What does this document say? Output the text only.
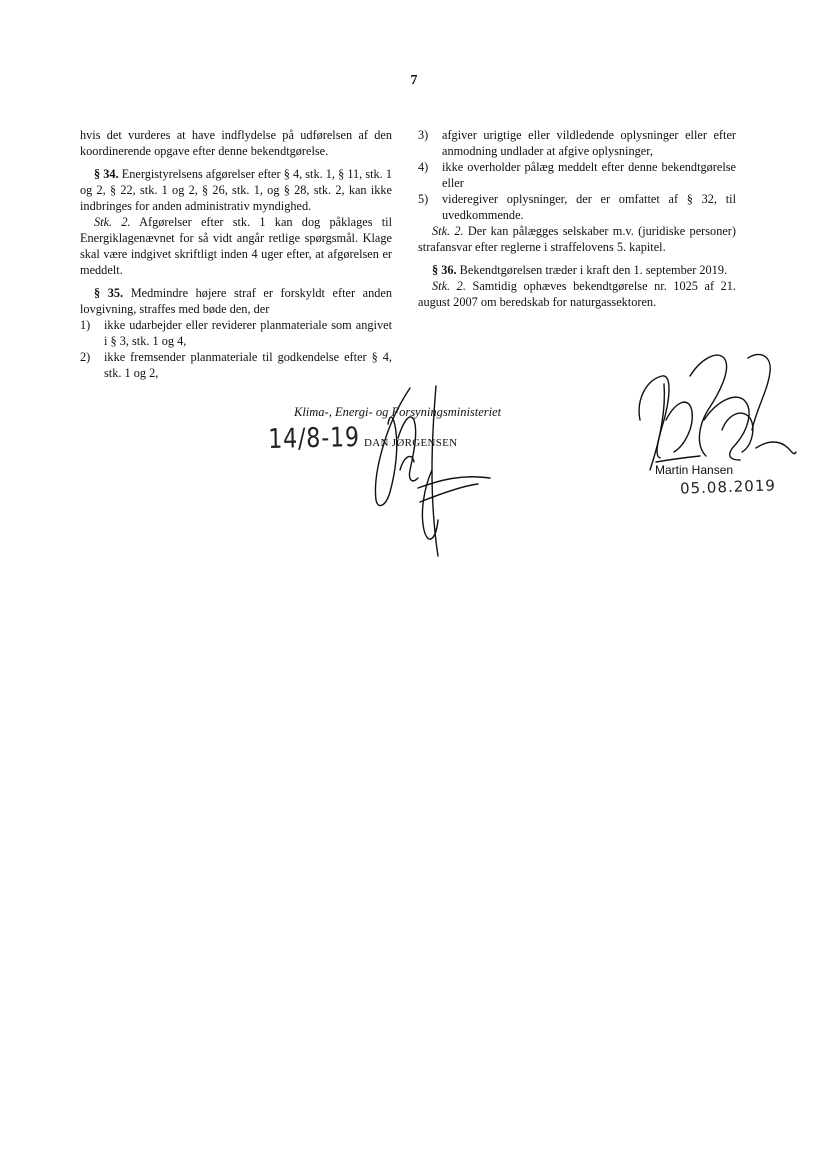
7

hvis det vurderes at have indflydelse på udførelsen af den koordinerende opgave efter denne bekendtgørelse.

§ 34. Energistyrelsens afgørelser efter § 4, stk. 1, § 11, stk. 1 og 2, § 22, stk. 1 og 2, § 26, stk. 1, og § 28, stk. 2, kan ikke indbringes for anden administrativ myndighed.

Stk. 2. Afgørelser efter stk. 1 kan dog påklages til Energiklagenævnet for så vidt angår retlige spørgsmål. Klage skal være indgivet skriftligt inden 4 uger efter, at afgørelsen er meddelt.

§ 35. Medmindre højere straf er forskyldt efter anden lovgivning, straffes med bøde den, der

1)	ikke udarbejder eller reviderer planmateriale som angivet i § 3, stk. 1 og 4,
2)	ikke fremsender planmateriale til godkendelse efter § 4, stk. 1 og 2,
3)	afgiver urigtige eller vildledende oplysninger eller efter anmodning undlader at afgive oplysninger,
4)	ikke overholder pålæg meddelt efter denne bekendtgørelse eller
5)	videregiver oplysninger, der er omfattet af § 32, til uvedkommende.

Stk. 2. Der kan pålægges selskaber m.v. (juridiske personer) strafansvar efter reglerne i straffelovens 5. kapitel.

§ 36. Bekendtgørelsen træder i kraft den 1. september 2019.

Stk. 2. Samtidig ophæves bekendtgørelse nr. 1025 af 21. august 2007 om beredskab for naturgassektoren.

Klima-, Energi- og Forsyningsministeriet
DAN JØRGENSEN
14/8-19
Martin Hansen
05.08.2019
